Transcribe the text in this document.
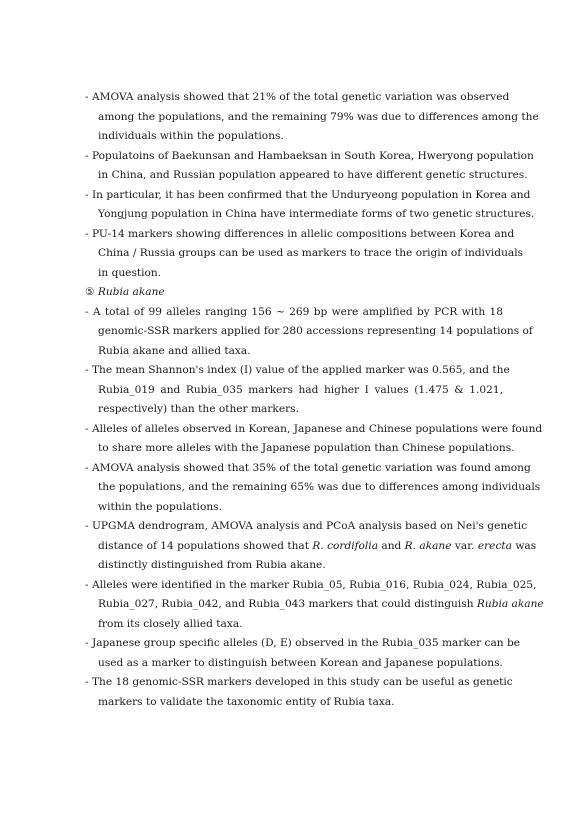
- AMOVA analysis showed that 21% of the total genetic variation was observed
among the populations, and the remaining 79% was due to differences among the
individuals within the populations.
- Populatoins of Baekunsan and Hambaeksan in South Korea, Hweryong population
in China, and Russian population appeared to have different genetic structures.
- In particular, it has been confirmed that the Unduryeong population in Korea and
Yongjung population in China have intermediate forms of two genetic structures.
- PU-14 markers showing differences in allelic compositions between Korea and
China / Russia groups can be used as markers to trace the origin of individuals
in question.
⑤ Rubia akane
- A total of 99 alleles ranging 156 ~ 269 bp were amplified by PCR with 18
genomic-SSR markers applied for 280 accessions representing 14 populations of
Rubia akane and allied taxa.
- The mean Shannon's index (I) value of the applied marker was 0.565, and the
Rubia_019 and Rubia_035 markers had higher I values (1.475 & 1.021,
respectively) than the other markers.
- Alleles of alleles observed in Korean, Japanese and Chinese populations were found
to share more alleles with the Japanese population than Chinese populations.
- AMOVA analysis showed that 35% of the total genetic variation was found among
the populations, and the remaining 65% was due to differences among individuals
within the populations.
- UPGMA dendrogram, AMOVA analysis and PCoA analysis based on Nei's genetic
distance of 14 populations showed that R. cordifolia and R. akane var. erecta was
distinctly distinguished from Rubia akane.
- Alleles were identified in the marker Rubia_05, Rubia_016, Rubia_024, Rubia_025,
Rubia_027, Rubia_042, and Rubia_043 markers that could distinguish Rubia akane
from its closely allied taxa.
- Japanese group specific alleles (D, E) observed in the Rubia_035 marker can be
used as a marker to distinguish between Korean and Japanese populations.
- The 18 genomic-SSR markers developed in this study can be useful as genetic
markers to validate the taxonomic entity of Rubia taxa.
